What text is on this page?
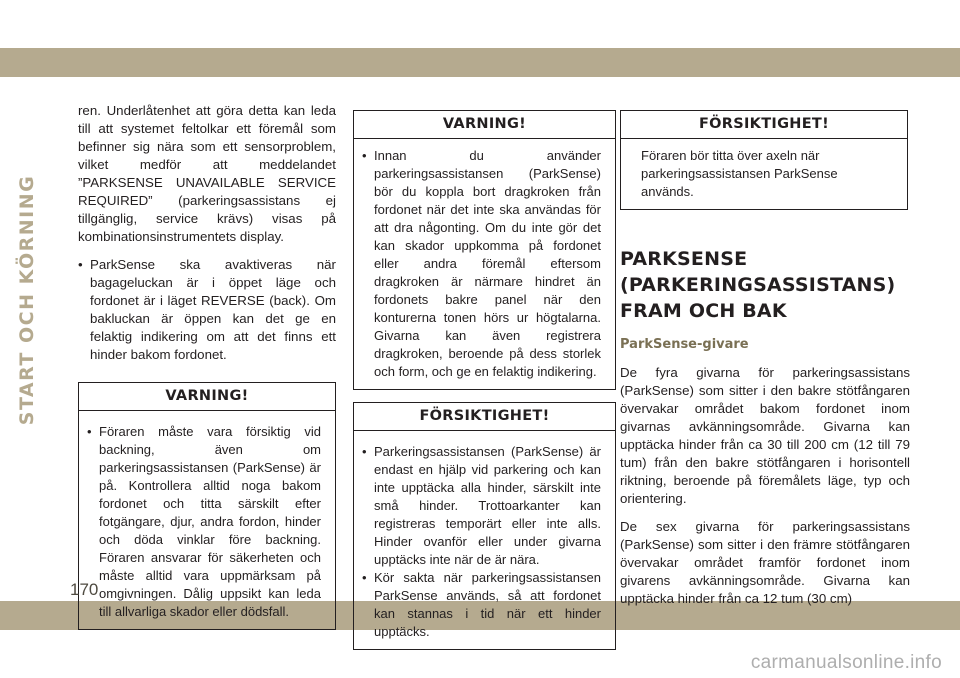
START OCH KÖRNING

ren. Underlåtenhet att göra detta kan leda till att systemet feltolkar ett föremål som befinner sig nära som ett sensorproblem, vilket medför att meddelandet ”PARKSENSE UNAVAILABLE SERVICE REQUIRED” (parkeringsassistans ej tillgänglig, service krävs) visas på kombinationsinstrumentets display.

• ParkSense ska avaktiveras när bagageluckan är i öppet läge och fordonet är i läget REVERSE (back). Om bakluckan är öppen kan det ge en felaktig indikering om att det finns ett hinder bakom fordonet.
VARNING!
• Föraren måste vara försiktig vid backning, även om parkeringsassistansen (ParkSense) är på. Kontrollera alltid noga bakom fordonet och titta särskilt efter fotgängare, djur, andra fordon, hinder och döda vinklar före backning. Föraren ansvarar för säkerheten och måste alltid vara uppmärksam på omgivningen. Dålig uppsikt kan leda till allvarliga skador eller dödsfall.
VARNING!
• Innan du använder parkeringsassistansen (ParkSense) bör du koppla bort dragkroken från fordonet när det inte ska användas för att dra någonting. Om du inte gör det kan skador uppkomma på fordonet eller andra föremål eftersom dragkroken är närmare hindret än fordonets bakre panel när den konturerna tonen hörs ur högtalarna. Givarna kan även registrera dragkroken, beroende på dess storlek och form, och ge en felaktig indikering.
FÖRSIKTIGHET!
• Parkeringsassistansen (ParkSense) är endast en hjälp vid parkering och kan inte upptäcka alla hinder, särskilt inte små hinder. Trottoarkanter kan registreras temporärt eller inte alls. Hinder ovanför eller under givarna upptäcks inte när de är nära.
• Kör sakta när parkeringsassistansen ParkSense används, så att fordonet kan stannas i tid när ett hinder upptäcks.
FÖRSIKTIGHET!
Föraren bör titta över axeln när parkeringsassistansen ParkSense används.
PARKSENSE (PARKERINGSASSISTANS) FRAM OCH BAK
ParkSense-givare

De fyra givarna för parkeringsassistans (ParkSense) som sitter i den bakre stötfångaren övervakar området bakom fordonet inom givarnas avkänningsområde. Givarna kan upptäcka hinder från ca 30 till 200 cm (12 till 79 tum) från den bakre stötfångaren i horisontell riktning, beroende på föremålets läge, typ och orientering.

De sex givarna för parkeringsassistans (ParkSense) som sitter i den främre stötfångaren övervakar området framför fordonet inom givarens avkänningsområde. Givarna kan upptäcka hinder från ca 12 tum (30 cm)

170
carmanualsonline.info
